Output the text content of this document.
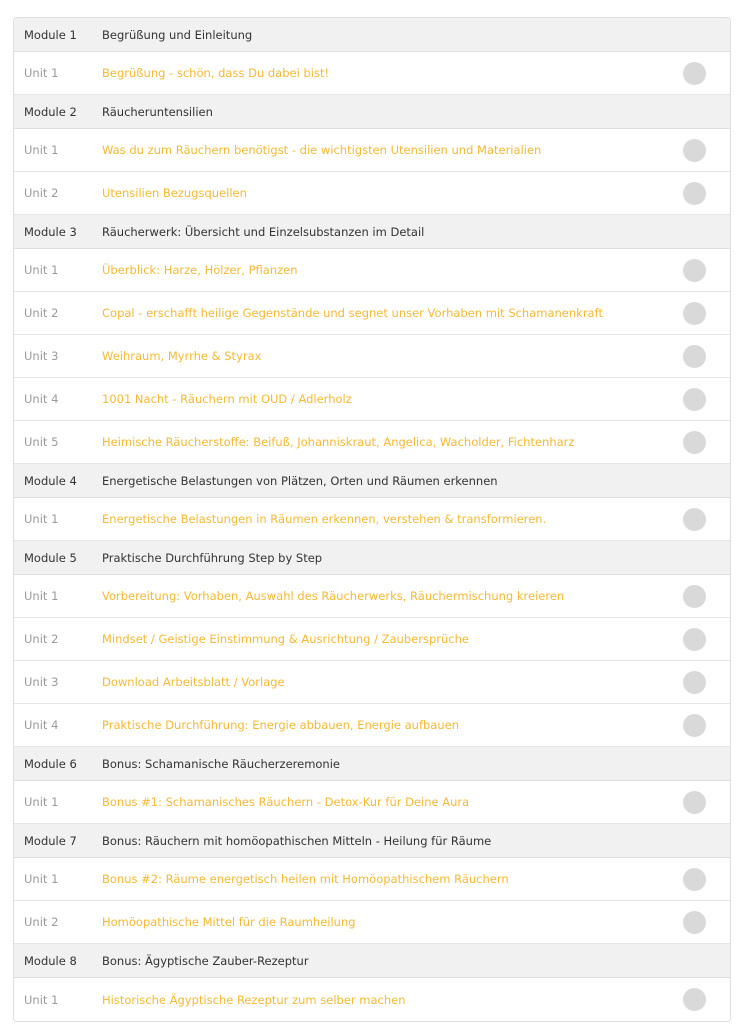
Module 1	Begrüßung und Einleitung
Unit 1	Begrüßung - schön, dass Du dabei bist!
Module 2	Räucheruntensilien
Unit 1	Was du zum Räuchern benötigst - die wichtigsten Utensilien und Materialien
Unit 2	Utensilien Bezugsquellen
Module 3	Räucherwerk: Übersicht und Einzelsubstanzen im Detail
Unit 1	Überblick: Harze, Hölzer, Pflanzen
Unit 2	Copal - erschafft heilige Gegenstände und segnet unser Vorhaben mit Schamanenkraft
Unit 3	Weihraum, Myrrhe & Styrax
Unit 4	1001 Nacht - Räuchern mit OUD / Adlerholz
Unit 5	Heimische Räucherstoffe: Beifuß, Johanniskraut, Angelica, Wacholder, Fichtenharz
Module 4	Energetische Belastungen von Plätzen, Orten und Räumen erkennen
Unit 1	Energetische Belastungen in Räumen erkennen, verstehen & transformieren.
Module 5	Praktische Durchführung Step by Step
Unit 1	Vorbereitung: Vorhaben, Auswahl des Räucherwerks, Räuchermischung kreieren
Unit 2	Mindset / Geistige Einstimmung & Ausrichtung / Zaubersprüche
Unit 3	Download Arbeitsblatt / Vorlage
Unit 4	Praktische Durchführung: Energie abbauen, Energie aufbauen
Module 6	Bonus: Schamanische Räucherzeremonie
Unit 1	Bonus #1: Schamanisches Räuchern - Detox-Kur für Deine Aura
Module 7	Bonus: Räuchern mit homöopathischen Mitteln - Heilung für Räume
Unit 1	Bonus #2: Räume energetisch heilen mit Homöopathischem Räuchern
Unit 2	Homöopathische Mittel für die Raumheilung
Module 8	Bonus: Ägyptische Zauber-Rezeptur
Unit 1	Historische Ägyptische Rezeptur zum selber machen
